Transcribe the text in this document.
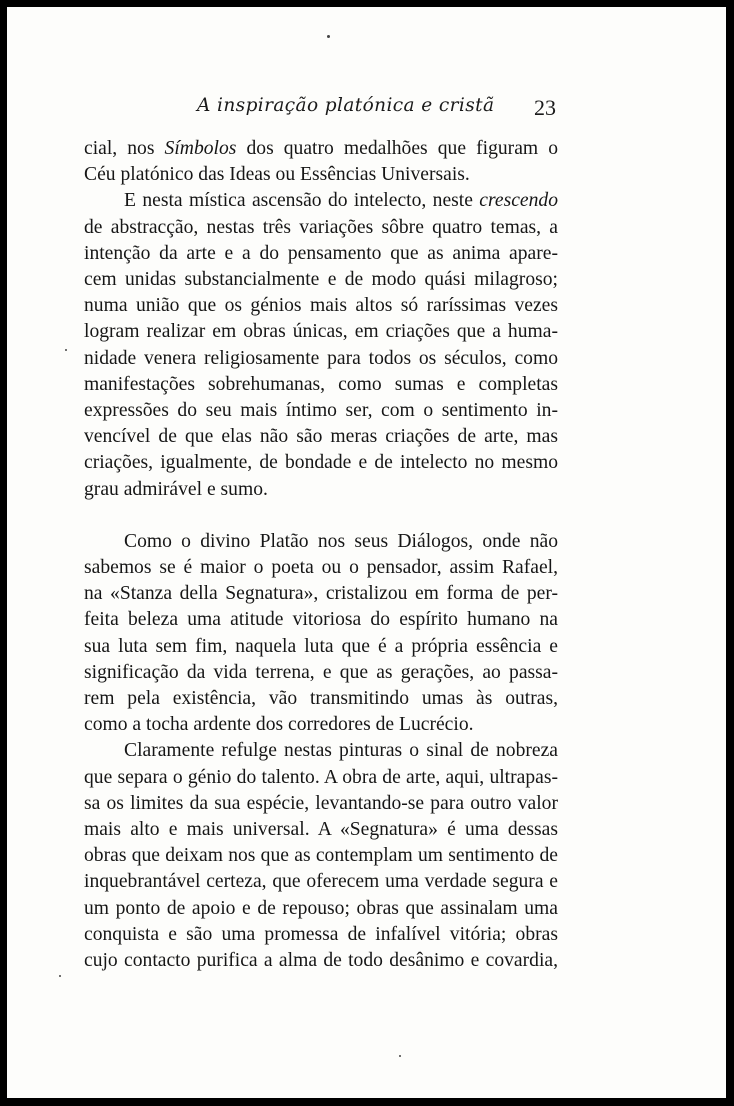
A inspiração platónica e cristã 23

cial, nos Símbolos dos quatro medalhões que figuram o
Céu platónico das Ideas ou Essências Universais.

E nesta mística ascensão do intelecto, neste crescendo
de abstracção, nestas três variações sôbre quatro temas, a
intenção da arte e a do pensamento que as anima apare-
cem unidas substancialmente e de modo quási milagroso;
numa união que os génios mais altos só raríssimas vezes
logram realizar em obras únicas, em criações que a huma-
nidade venera religiosamente para todos os séculos, como
manifestações sobrehumanas, como sumas e completas
expressões do seu mais íntimo ser, com o sentimento in-
vencível de que elas não são meras criações de arte, mas
criações, igualmente, de bondade e de intelecto no mesmo
grau admirável e sumo.

Como o divino Platão nos seus Diálogos, onde não
sabemos se é maior o poeta ou o pensador, assim Rafael,
na «Stanza della Segnatura», cristalizou em forma de per-
feita beleza uma atitude vitoriosa do espírito humano na
sua luta sem fim, naquela luta que é a própria essência e
significação da vida terrena, e que as gerações, ao passa-
rem pela existência, vão transmitindo umas às outras,
como a tocha ardente dos corredores de Lucrécio.

Claramente refulge nestas pinturas o sinal de nobreza
que separa o génio do talento. A obra de arte, aqui, ultrapas-
sa os limites da sua espécie, levantando-se para outro valor
mais alto e mais universal. A «Segnatura» é uma dessas
obras que deixam nos que as contemplam um sentimento de
inquebrantável certeza, que oferecem uma verdade segura e
um ponto de apoio e de repouso; obras que assinalam uma
conquista e são uma promessa de infalível vitória; obras
cujo contacto purifica a alma de todo desânimo e covardia,
